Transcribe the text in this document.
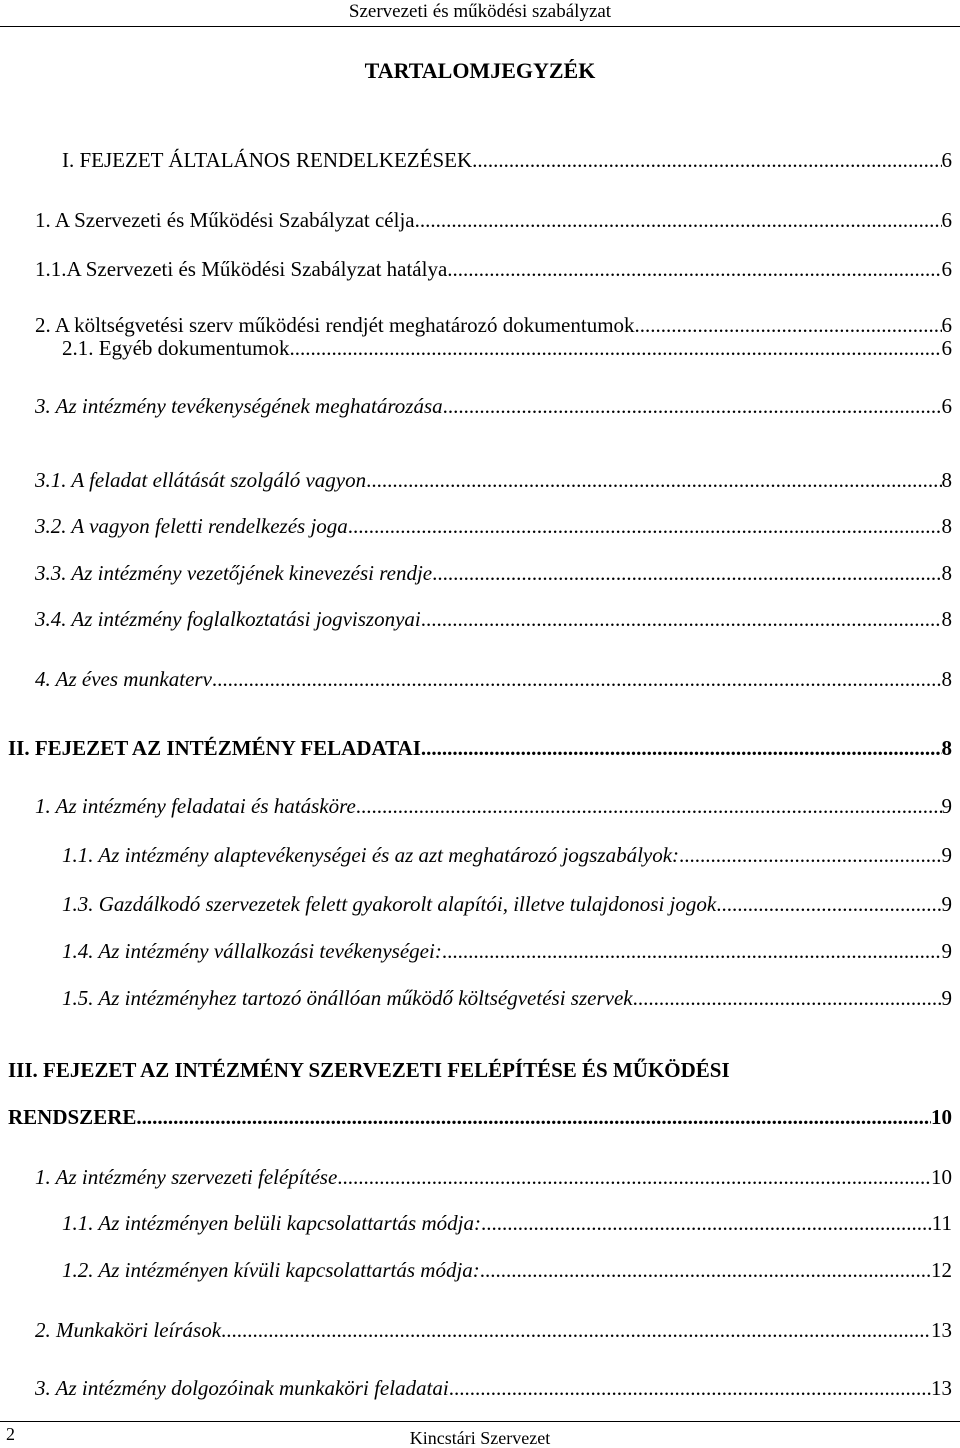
Szervezeti és működési szabályzat
TARTALOMJEGYZÉK
I. FEJEZET ÁLTALÁNOS RENDELKEZÉSEK .....	6
1. A Szervezeti és Működési Szabályzat célja .....	6
1.1.A Szervezeti és Működési Szabályzat hatálya .....	6
2. A költségvetési szerv működési rendjét meghatározó dokumentumok .....	6
2.1. Egyéb dokumentumok .....	6
3. Az intézmény tevékenységének meghatározása .....	6
3.1. A feladat ellátását szolgáló vagyon .....	8
3.2. A vagyon feletti rendelkezés joga .....	8
3.3. Az intézmény vezetőjének kinevezési rendje .....	8
3.4. Az intézmény foglalkoztatási jogviszonyai .....	8
4. Az éves munkaterv .....	8
II. FEJEZET AZ INTÉZMÉNY FELADATAI .....	8
1. Az intézmény feladatai és hatásköre .....	9
1.1. Az intézmény alaptevékenységei és az azt meghatározó jogszabályok: .....	9
1.3. Gazdálkodó szervezetek felett gyakorolt alapítói, illetve tulajdonosi jogok .....	9
1.4. Az intézmény vállalkozási tevékenységei: .....	9
1.5. Az intézményhez tartozó önállóan működő költségvetési szervek .....	9
III. FEJEZET AZ INTÉZMÉNY SZERVEZETI FELÉPÍTÉSE ÉS MŰKÖDÉSI
RENDSZERE .....	10
1. Az intézmény szervezeti felépítése .....	10
1.1. Az intézményen belüli kapcsolattartás módja: .....	11
1.2. Az intézményen kívüli kapcsolattartás módja: .....	12
2. Munkaköri leírások .....	13
3. Az intézmény dolgozóinak munkaköri feladatai .....	13
2	Kincstári Szervezet
